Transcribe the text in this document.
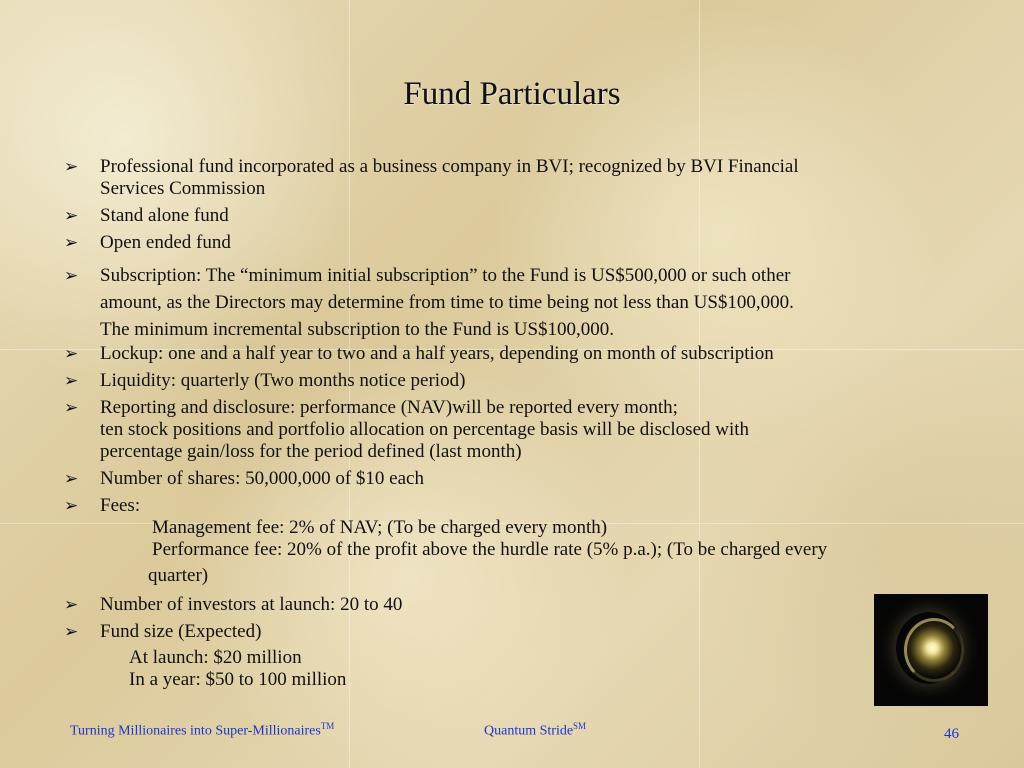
Fund Particulars
➢ Professional fund incorporated as a business company in BVI; recognized by BVI Financial
Services Commission
➢ Stand alone fund
➢ Open ended fund
➢ Subscription: The “minimum initial subscription” to the Fund is US$500,000 or such other
amount, as the Directors may determine from time to time being not less than US$100,000.
The minimum incremental subscription to the Fund is US$100,000.
➢ Lockup: one and a half year to two and a half years, depending on month of subscription
➢ Liquidity: quarterly (Two months notice period)
➢ Reporting and disclosure: performance (NAV)will be reported every month;
ten stock positions and portfolio allocation on percentage basis will be disclosed with
percentage gain/loss for the period defined (last month)
➢ Number of shares: 50,000,000 of $10 each
➢ Fees:
Management fee: 2% of NAV; (To be charged every month)
Performance fee: 20% of the profit above the hurdle rate (5% p.a.); (To be charged every
quarter)
➢ Number of investors at launch: 20 to 40
➢ Fund size (Expected)
At launch: $20 million
In a year: $50 to 100 million
Turning Millionaires into Super-Millionaires™	Quantum Stride℠	46
